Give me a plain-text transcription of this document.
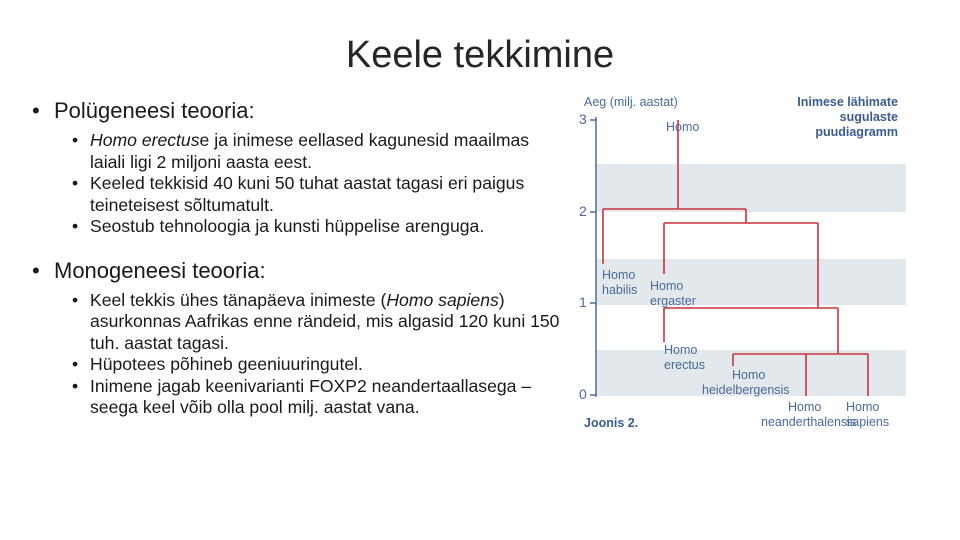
Keele tekkimine

• Polügeneesi teooria:

• Homo erectuse ja inimese eellased kagunesid maailmas laiali ligi 2 miljoni aasta eest.
• Keeled tekkisid 40 kuni 50 tuhat aastat tagasi eri paigus teineteisest sõltumatult.
• Seostub tehnoloogia ja kunsti hüppelise arenguga.

• Monogeneesi teooria:

• Keel tekkis ühes tänapäeva inimeste (Homo sapiens) asurkonnas Aafrikas enne rändeid, mis algasid 120 kuni 150 tuh. aastat tagasi.
• Hüpotees põhineb geeniuuringutel.
• Inimene jagab keenivarianti FOXP2 neandertaallasega – seega keel võib olla pool milj. aastat vana.
Aeg (milj. aastat)	Inimese lähimate
sugulaste
puudiagramm
3
2
1
0
Homo
Homo
habilis Homo
ergaster
Homo
erectus
Homo
heidelbergensis
Homo
neanderthalensis
Homo
sapiens
Joonis 2.
